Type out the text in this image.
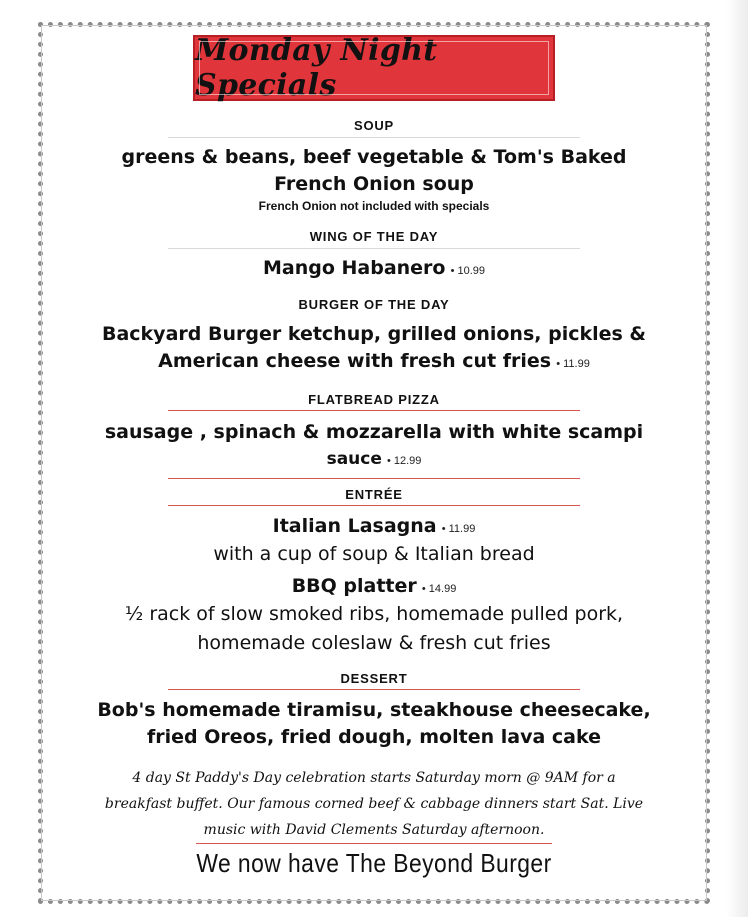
Monday Night Specials
SOUP
greens & beans, beef vegetable & Tom's Baked
French Onion soup
French Onion not included with specials
WING OF THE DAY
Mango Habanero • 10.99
BURGER OF THE DAY
Backyard Burger ketchup, grilled onions, pickles &
American cheese with fresh cut fries • 11.99
FLATBREAD PIZZA
sausage , spinach & mozzarella with white scampi
sauce • 12.99
ENTRÉE
Italian Lasagna • 11.99
with a cup of soup & Italian bread
BBQ platter • 14.99
½ rack of slow smoked ribs, homemade pulled pork,
homemade coleslaw & fresh cut fries
DESSERT
Bob's homemade tiramisu, steakhouse cheesecake,
fried Oreos, fried dough, molten lava cake
4 day St Paddy's Day celebration starts Saturday morn @ 9AM for a
breakfast buffet. Our famous corned beef & cabbage dinners start Sat. Live
music with David Clements Saturday afternoon.
We now have The Beyond Burger
